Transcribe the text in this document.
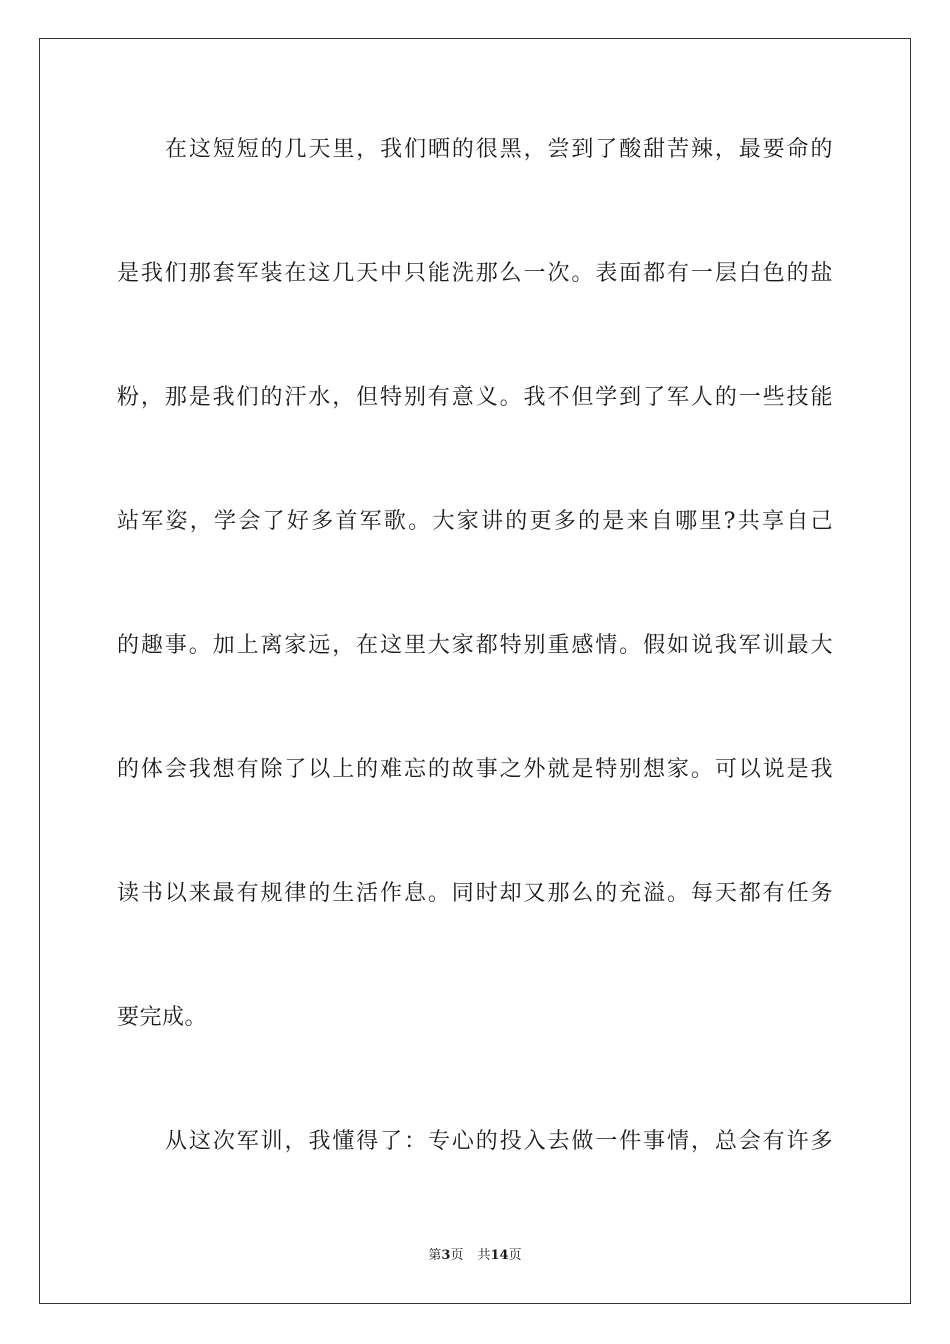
在这短短的几天里，我们晒的很黑，尝到了酸甜苦辣，最要命的
是我们那套军装在这几天中只能洗那么一次。表面都有一层白色的盐
粉，那是我们的汗水，但特别有意义。我不但学到了军人的一些技能
站军姿，学会了好多首军歌。大家讲的更多的是来自哪里?共享自己
的趣事。加上离家远，在这里大家都特别重感情。假如说我军训最大
的体会我想有除了以上的难忘的故事之外就是特别想家。可以说是我
读书以来最有规律的生活作息。同时却又那么的充溢。每天都有任务
要完成。
从这次军训，我懂得了：专心的投入去做一件事情，总会有许多
第3页 共14页
